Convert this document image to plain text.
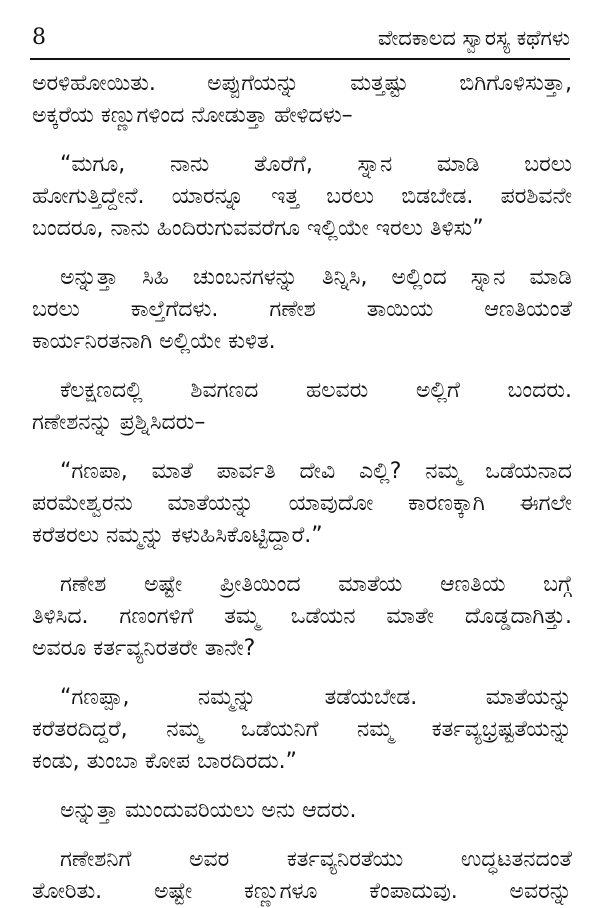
8	ವೇದಕಾಲದ ಸ್ವಾರಸ್ಯ ಕಥೆಗಳು

ಅರಳಿಹೋಯಿತು. ಅಪ್ಪುಗೆಯನ್ನು ಮತ್ತಷ್ಟು ಬಿಗಿಗೊಳಿಸುತ್ತಾ,
ಅಕ್ಕರೆಯ ಕಣ್ಣುಗಳಿಂದ ನೋಡುತ್ತಾ ಹೇಳಿದಳು–

“ಮಗೂ, ನಾನು ತೊರೆಗೆ, ಸ್ನಾನ ಮಾಡಿ ಬರಲು
ಹೋಗುತ್ತಿದ್ದೇನೆ. ಯಾರನ್ನೂ ಇತ್ತ ಬರಲು ಬಿಡಬೇಡ. ಪರಶಿವನೇ
ಬಂದರೂ, ನಾನು ಹಿಂದಿರುಗುವವರೆಗೂ ಇಲ್ಲಿಯೇ ಇರಲು ತಿಳಿಸು”

ಅನ್ನುತ್ತಾ ಸಿಹಿ ಚುಂಬನಗಳನ್ನು ತಿನ್ನಿಸಿ, ಅಲ್ಲಿಂದ ಸ್ನಾನ ಮಾಡಿ
ಬರಲು ಕಾಲ್ತೆಗೆದಳು. ಗಣೇಶ ತಾಯಿಯ ಆಣತಿಯಂತೆ
ಕಾರ್ಯನಿರತನಾಗಿ ಅಲ್ಲಿಯೇ ಕುಳಿತ.

ಕೆಲಕ್ಷಣದಲ್ಲಿ ಶಿವಗಣದ ಹಲವರು ಅಲ್ಲಿಗೆ ಬಂದರು.
ಗಣೇಶನನ್ನು ಪ್ರಶ್ನಿಸಿದರು–

“ಗಣಪಾ, ಮಾತೆ ಪಾರ್ವತಿ ದೇವಿ ಎಲ್ಲಿ? ನಮ್ಮ ಒಡೆಯನಾದ
ಪರಮೇಶ್ವರನು ಮಾತೆಯನ್ನು ಯಾವುದೋ ಕಾರಣಕ್ಕಾಗಿ ಈಗಲೇ
ಕರೆತರಲು ನಮ್ಮನ್ನು ಕಳುಹಿಸಿಕೊಟ್ಟಿದ್ದಾರೆ.”

ಗಣೇಶ ಅಷ್ಟೇ ಪ್ರೀತಿಯಿಂದ ಮಾತೆಯ ಆಣತಿಯ ಬಗ್ಗೆ
ತಿಳಿಸಿದ. ಗಣಂಗಳಿಗೆ ತಮ್ಮ ಒಡೆಯನ ಮಾತೇ ದೊಡ್ಡದಾಗಿತ್ತು.
ಅವರೂ ಕರ್ತವ್ಯನಿರತರೇ ತಾನೇ?

“ಗಣಪ್ಪಾ, ನಮ್ಮನ್ನು ತಡೆಯಬೇಡ. ಮಾತೆಯನ್ನು
ಕರೆತರದಿದ್ದರೆ, ನಮ್ಮ ಒಡೆಯನಿಗೆ ನಮ್ಮ ಕರ್ತವ್ಯಭ್ರಷ್ಟತೆಯನ್ನು
ಕಂಡು, ತುಂಬಾ ಕೋಪ ಬಾರದಿರದು.”

ಅನ್ನುತ್ತಾ ಮುಂದುವರಿಯಲು ಅನು ಆದರು.

ಗಣೇಶನಿಗೆ ಅವರ ಕರ್ತವ್ಯನಿರತೆಯು ಉದ್ಧಟತನದಂತೆ
ತೋರಿತು. ಅಷ್ಟೇ ಕಣ್ಣುಗಳೂ ಕೆಂಪಾದುವು. ಅವರನ್ನು
